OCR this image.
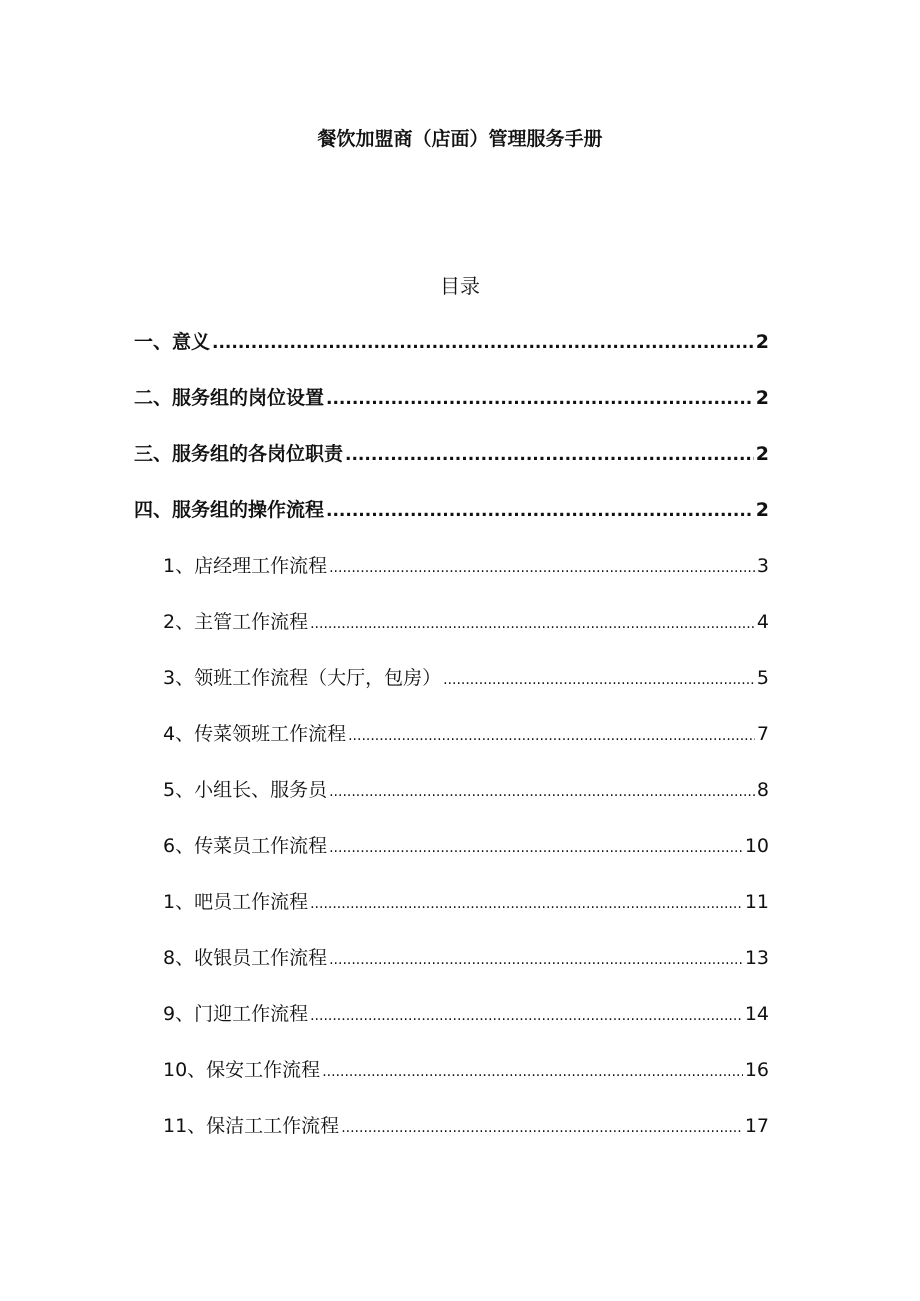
餐饮加盟商（店面）管理服务手册
目录
一、意义 .....	2
二、服务组的岗位设置 .....	2
三、服务组的各岗位职责 .....	2
四、服务组的操作流程 .....	2
1、店经理工作流程 .....	3
2、主管工作流程 .....	4
3、领班工作流程（大厅，包房） .....	5
4、传菜领班工作流程 .....	7
5、小组长、服务员 .....	8
6、传菜员工作流程 .....	10
1、吧员工作流程 .....	11
8、收银员工作流程 .....	13
9、门迎工作流程 .....	14
10、保安工作流程 .....	16
11、保洁工工作流程 .....	17
